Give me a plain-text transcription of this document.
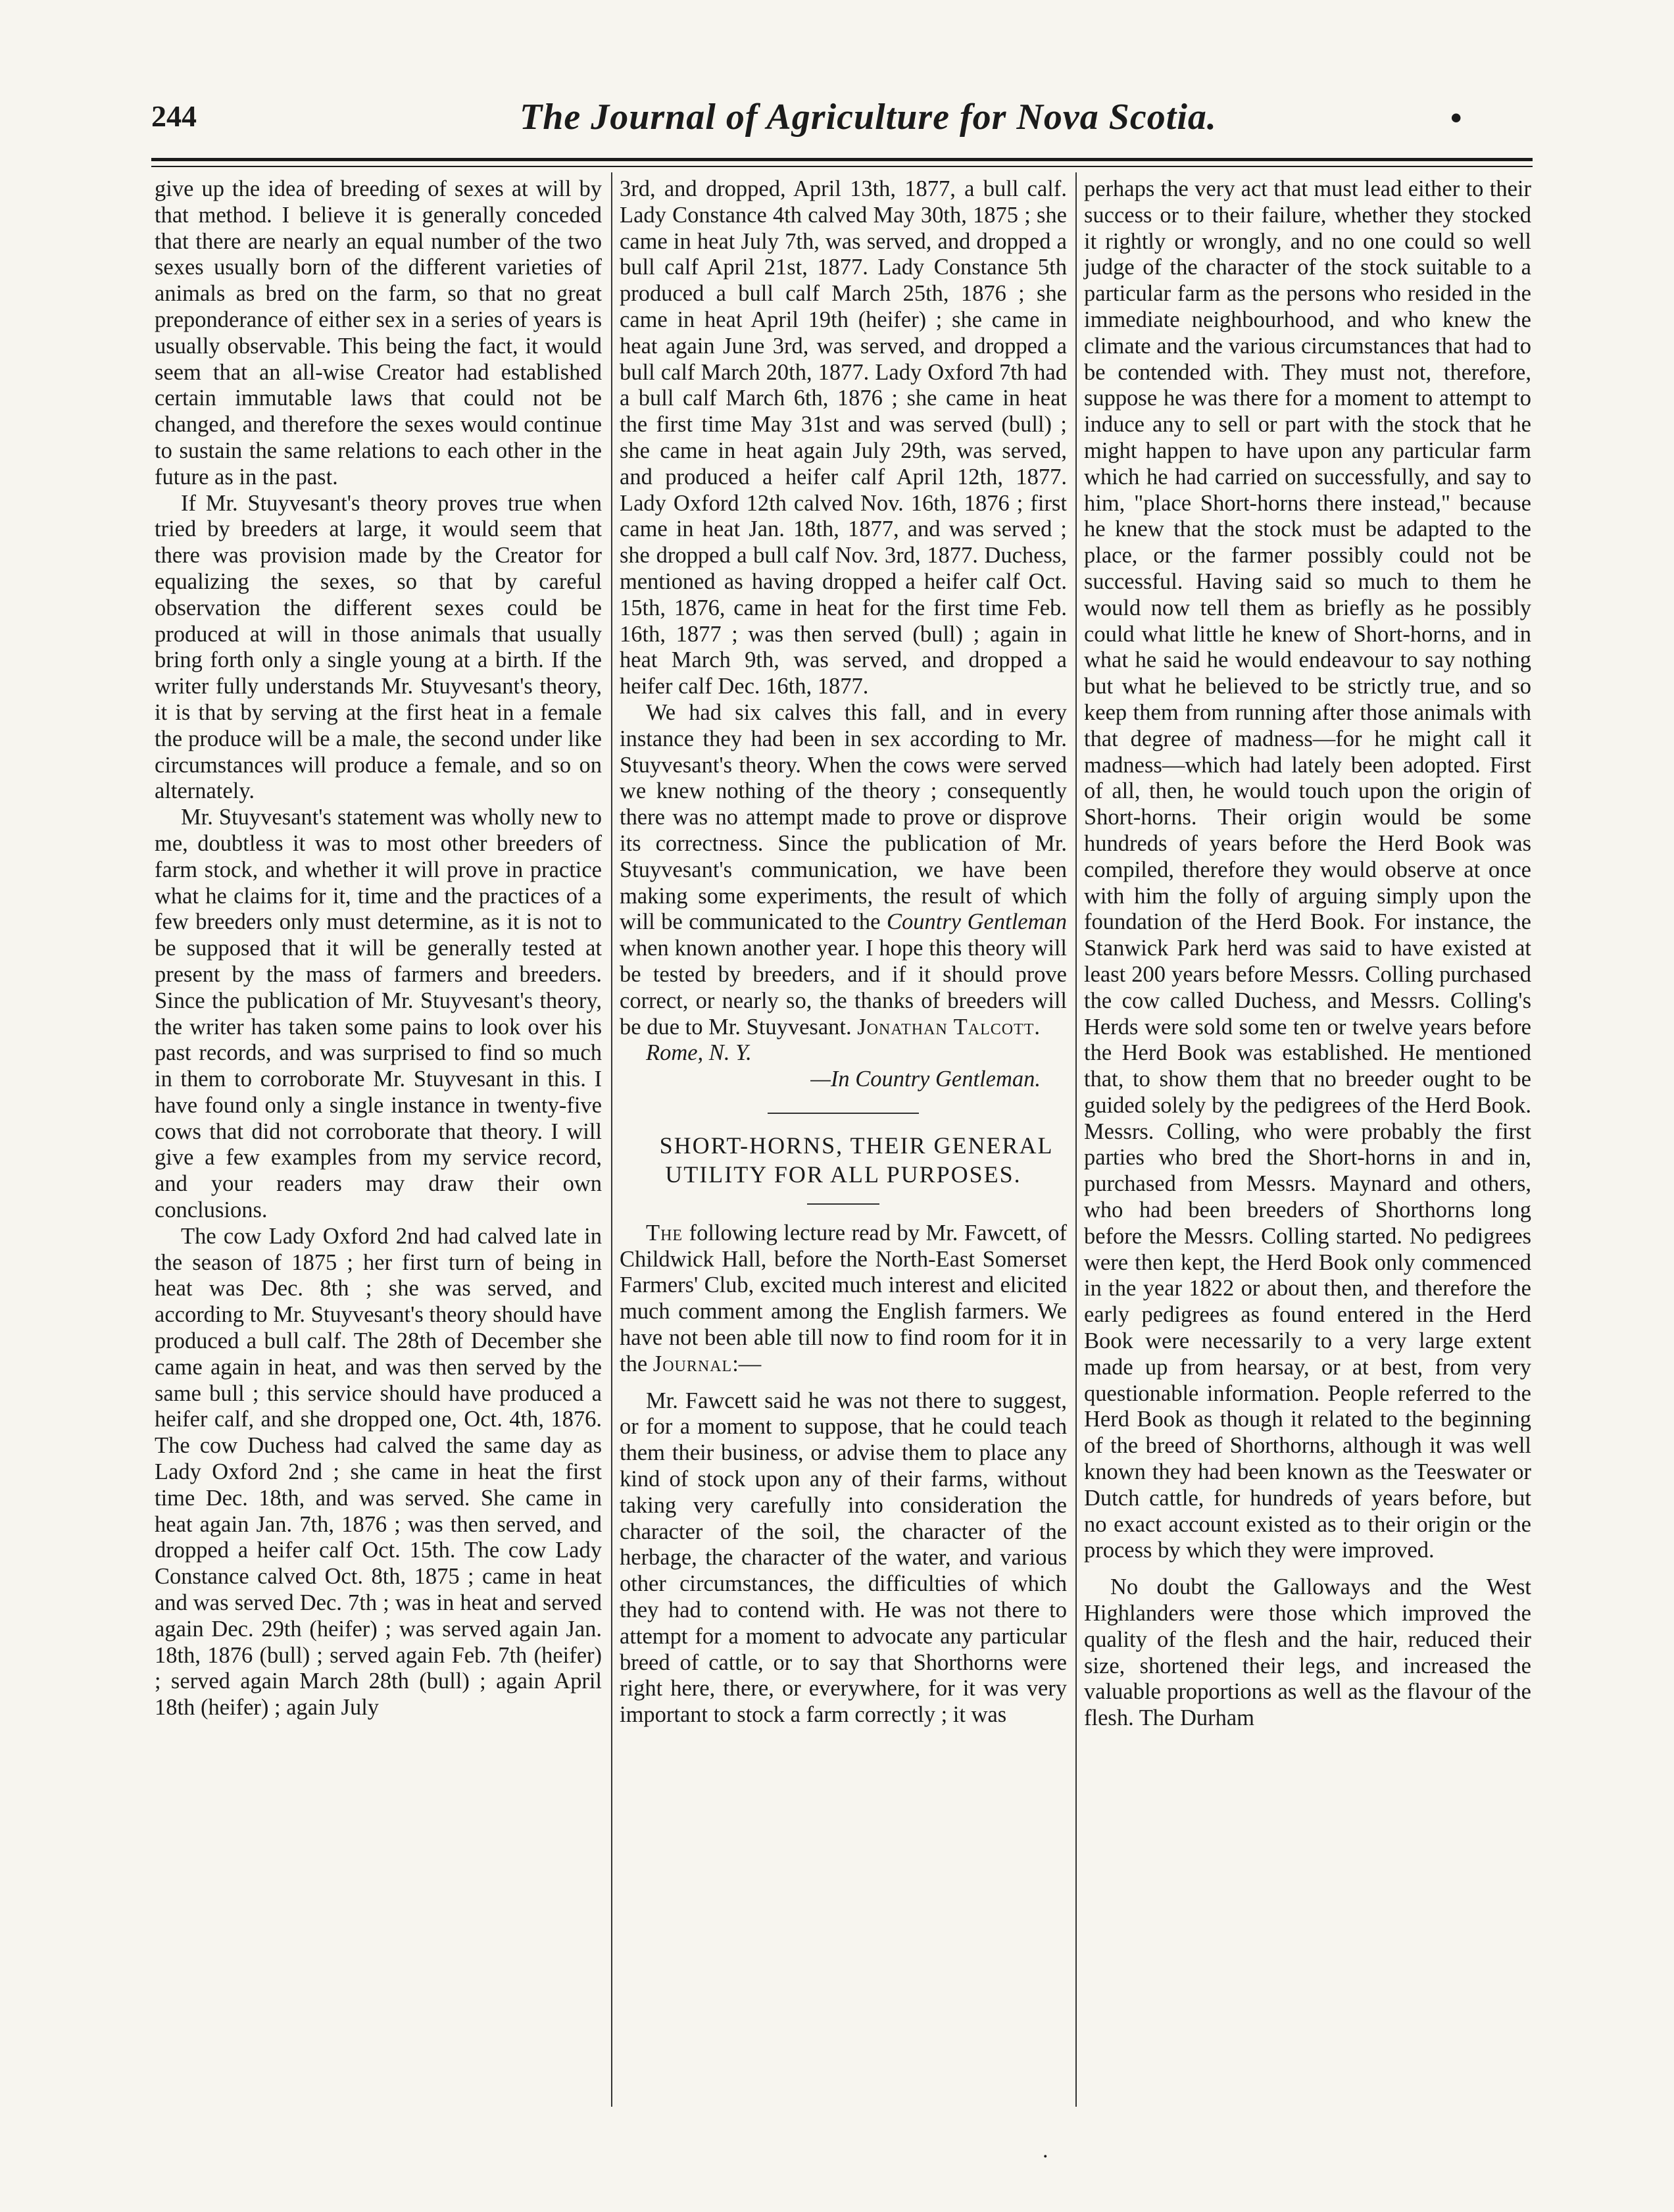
244	The Journal of Agriculture for Nova Scotia.	•

give up the idea of breeding of sexes at will by that method. I believe it is generally conceded that there are nearly an equal number of the two sexes usually born of the different varieties of animals as bred on the farm, so that no great preponderance of either sex in a series of years is usually observable. This being the fact, it would seem that an all-wise Creator had established certain immutable laws that could not be changed, and therefore the sexes would continue to sustain the same relations to each other in the future as in the past.

If Mr. Stuyvesant's theory proves true when tried by breeders at large, it would seem that there was provision made by the Creator for equalizing the sexes, so that by careful observation the different sexes could be produced at will in those animals that usually bring forth only a single young at a birth. If the writer fully understands Mr. Stuyvesant's theory, it is that by serving at the first heat in a female the produce will be a male, the second under like circumstances will produce a female, and so on alternately.

Mr. Stuyvesant's statement was wholly new to me, doubtless it was to most other breeders of farm stock, and whether it will prove in practice what he claims for it, time and the practices of a few breeders only must determine, as it is not to be supposed that it will be generally tested at present by the mass of farmers and breeders. Since the publication of Mr. Stuyvesant's theory, the writer has taken some pains to look over his past records, and was surprised to find so much in them to corroborate Mr. Stuyvesant in this. I have found only a single instance in twenty-five cows that did not corroborate that theory. I will give a few examples from my service record, and your readers may draw their own conclusions.

The cow Lady Oxford 2nd had calved late in the season of 1875 ; her first turn of being in heat was Dec. 8th ; she was served, and according to Mr. Stuyvesant's theory should have produced a bull calf. The 28th of December she came again in heat, and was then served by the same bull ; this service should have produced a heifer calf, and she dropped one, Oct. 4th, 1876. The cow Duchess had calved the same day as Lady Oxford 2nd ; she came in heat the first time Dec. 18th, and was served. She came in heat again Jan. 7th, 1876 ; was then served, and dropped a heifer calf Oct. 15th. The cow Lady Constance calved Oct. 8th, 1875 ; came in heat and was served Dec. 7th ; was in heat and served again Dec. 29th (heifer) ; was served again Jan. 18th, 1876 (bull) ; served again Feb. 7th (heifer) ; served again March 28th (bull) ; again April 18th (heifer) ; again July

3rd, and dropped, April 13th, 1877, a bull calf. Lady Constance 4th calved May 30th, 1875 ; she came in heat July 7th, was served, and dropped a bull calf April 21st, 1877. Lady Constance 5th produced a bull calf March 25th, 1876 ; she came in heat April 19th (heifer) ; she came in heat again June 3rd, was served, and dropped a bull calf March 20th, 1877. Lady Oxford 7th had a bull calf March 6th, 1876 ; she came in heat the first time May 31st and was served (bull) ; she came in heat again July 29th, was served, and produced a heifer calf April 12th, 1877. Lady Oxford 12th calved Nov. 16th, 1876 ; first came in heat Jan. 18th, 1877, and was served ; she dropped a bull calf Nov. 3rd, 1877. Duchess, mentioned as having dropped a heifer calf Oct. 15th, 1876, came in heat for the first time Feb. 16th, 1877 ; was then served (bull) ; again in heat March 9th, was served, and dropped a heifer calf Dec. 16th, 1877.

We had six calves this fall, and in every instance they had been in sex according to Mr. Stuyvesant's theory. When the cows were served we knew nothing of the theory ; consequently there was no attempt made to prove or disprove its correctness. Since the publication of Mr. Stuyvesant's communication, we have been making some experiments, the result of which will be communicated to the Country Gentleman when known another year. I hope this theory will be tested by breeders, and if it should prove correct, or nearly so, the thanks of breeders will be due to Mr. Stuyvesant. Jonathan Talcott.

Rome, N. Y.

—In Country Gentleman.

SHORT-HORNS, THEIR GENERAL UTILITY FOR ALL PURPOSES.

The following lecture read by Mr. Fawcett, of Childwick Hall, before the North-East Somerset Farmers' Club, excited much interest and elicited much comment among the English farmers. We have not been able till now to find room for it in the Journal:—

Mr. Fawcett said he was not there to suggest, or for a moment to suppose, that he could teach them their business, or advise them to place any kind of stock upon any of their farms, without taking very carefully into consideration the character of the soil, the character of the herbage, the character of the water, and various other circumstances, the difficulties of which they had to contend with. He was not there to attempt for a moment to advocate any particular breed of cattle, or to say that Shorthorns were right here, there, or everywhere, for it was very important to stock a farm correctly ; it was

perhaps the very act that must lead either to their success or to their failure, whether they stocked it rightly or wrongly, and no one could so well judge of the character of the stock suitable to a particular farm as the persons who resided in the immediate neighbourhood, and who knew the climate and the various circumstances that had to be contended with. They must not, therefore, suppose he was there for a moment to attempt to induce any to sell or part with the stock that he might happen to have upon any particular farm which he had carried on successfully, and say to him, "place Short-horns there instead," because he knew that the stock must be adapted to the place, or the farmer possibly could not be successful. Having said so much to them he would now tell them as briefly as he possibly could what little he knew of Short-horns, and in what he said he would endeavour to say nothing but what he believed to be strictly true, and so keep them from running after those animals with that degree of madness—for he might call it madness—which had lately been adopted. First of all, then, he would touch upon the origin of Short-horns. Their origin would be some hundreds of years before the Herd Book was compiled, therefore they would observe at once with him the folly of arguing simply upon the foundation of the Herd Book. For instance, the Stanwick Park herd was said to have existed at least 200 years before Messrs. Colling purchased the cow called Duchess, and Messrs. Colling's Herds were sold some ten or twelve years before the Herd Book was established. He mentioned that, to show them that no breeder ought to be guided solely by the pedigrees of the Herd Book. Messrs. Colling, who were probably the first parties who bred the Short-horns in and in, purchased from Messrs. Maynard and others, who had been breeders of Shorthorns long before the Messrs. Colling started. No pedigrees were then kept, the Herd Book only commenced in the year 1822 or about then, and therefore the early pedigrees as found entered in the Herd Book were necessarily to a very large extent made up from hearsay, or at best, from very questionable information. People referred to the Herd Book as though it related to the beginning of the breed of Shorthorns, although it was well known they had been known as the Teeswater or Dutch cattle, for hundreds of years before, but no exact account existed as to their origin or the process by which they were improved.

No doubt the Galloways and the West Highlanders were those which improved the quality of the flesh and the hair, reduced their size, shortened their legs, and increased the valuable proportions as well as the flavour of the flesh. The Durham

.
